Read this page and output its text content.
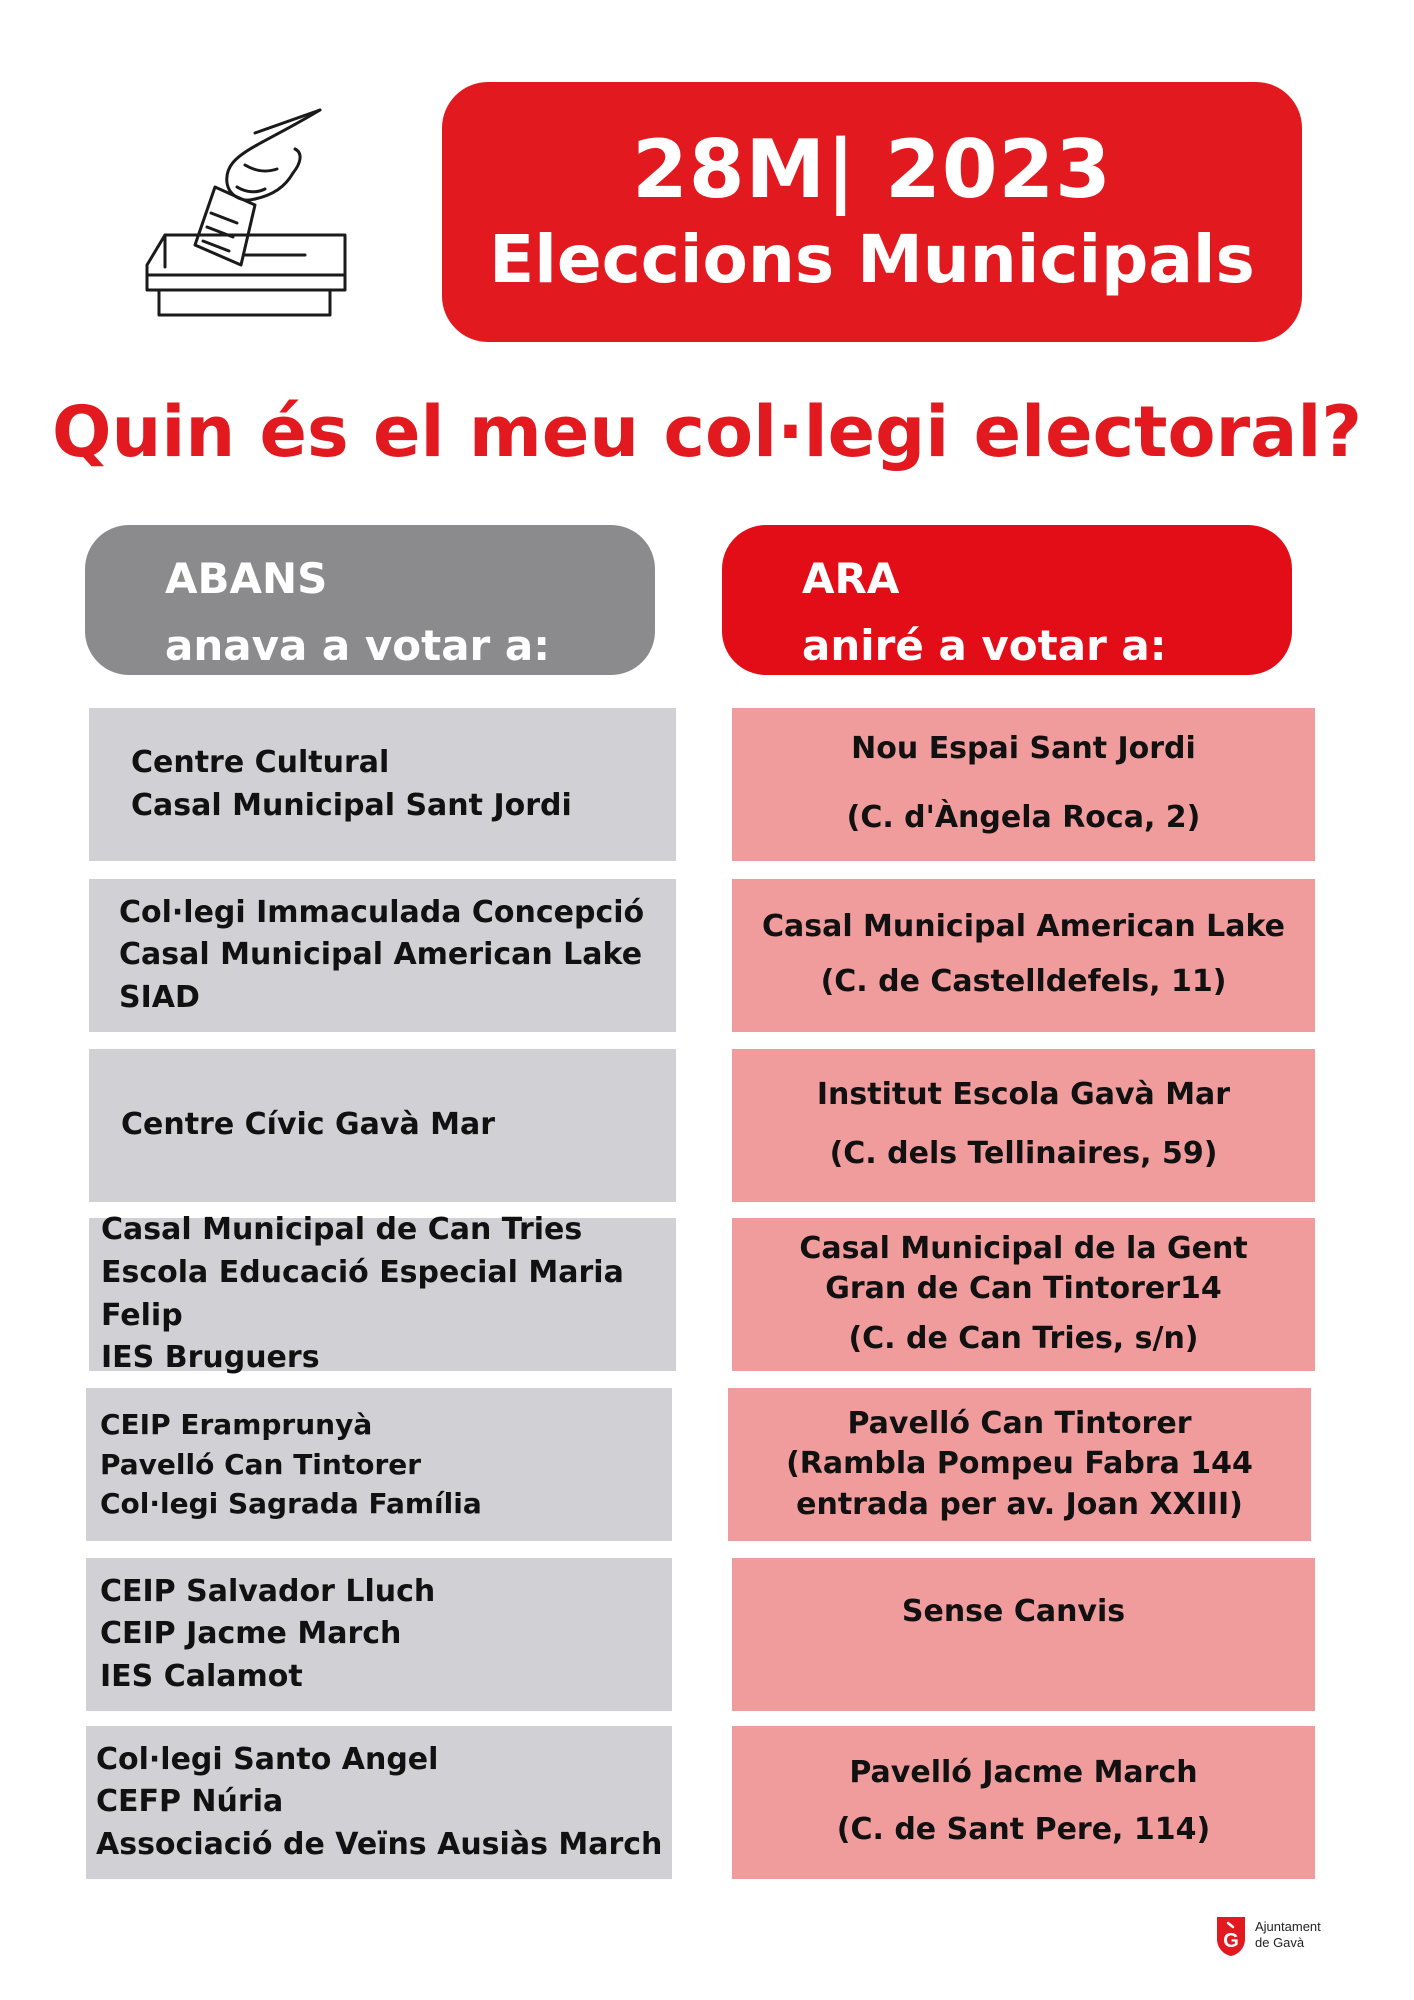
28M| 2023
Eleccions Municipals
Quin és el meu col·legi electoral?
ABANS
anava a votar a:
ARA
aniré a votar a:
Centre Cultural
Casal Municipal Sant Jordi
Nou Espai Sant Jordi
(C. d'Àngela Roca, 2)
Col·legi Immaculada Concepció
Casal Municipal American Lake
SIAD
Casal Municipal American Lake
(C. de Castelldefels, 11)
Centre Cívic Gavà Mar
Institut Escola Gavà Mar
(C. dels Tellinaires, 59)
Casal Municipal de Can Tries
Escola Educació Especial Maria Felip
IES Bruguers
Casal Municipal de la Gent
Gran de Can Tintorer14
(C. de Can Tries, s/n)
CEIP Eramprunyà
Pavelló Can Tintorer
Col·legi Sagrada Família
Pavelló Can Tintorer
(Rambla Pompeu Fabra 144
entrada per av. Joan XXIII)
CEIP Salvador Lluch
CEIP Jacme March
IES Calamot
Sense Canvis
Col·legi Santo Angel
CEFP Núria
Associació de Veïns Ausiàs March
Pavelló Jacme March
(C. de Sant Pere, 114)
G
Ajuntament
de Gavà
